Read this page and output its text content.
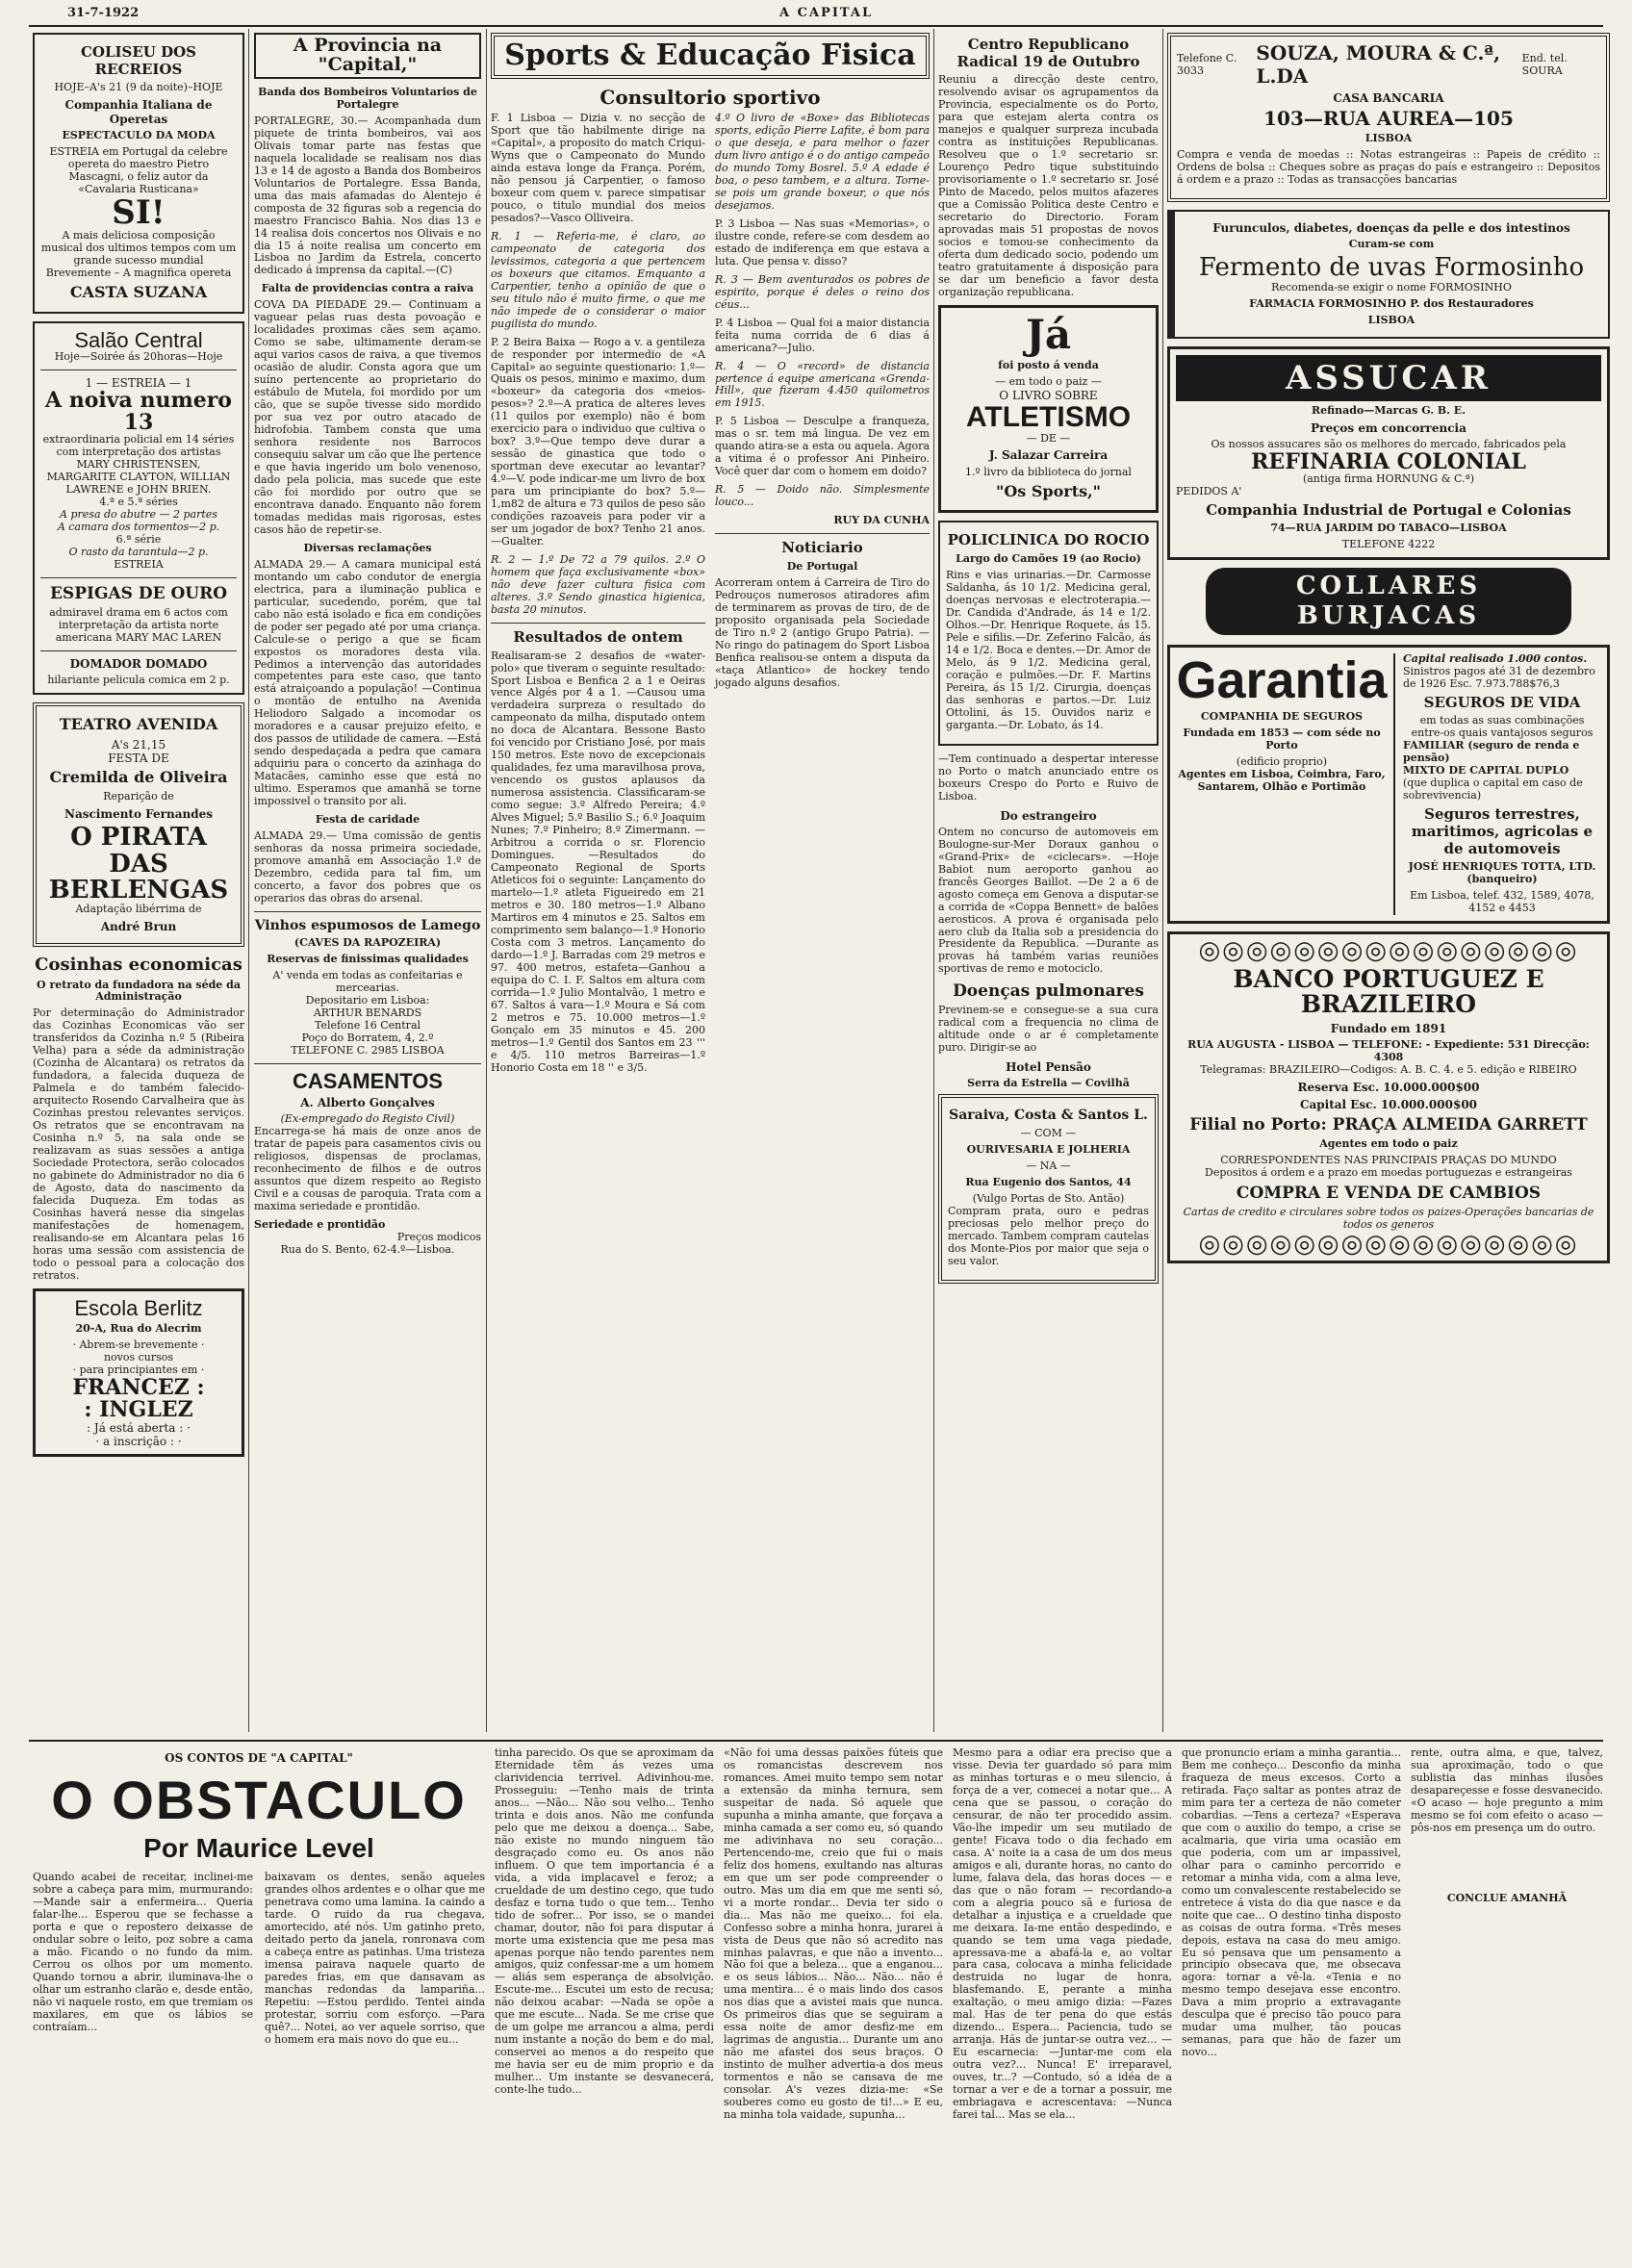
31-7-1922	A CAPITAL
COLISEU DOS RECREIOS
HOJE–A's 21 (9 da noite)–HOJE
Companhia Italiana de Operetas
ESPECTACULO DA MODA
ESTREIA em Portugal da celebre opereta do maestro Pietro Mascagni, o feliz autor da «Cavalaria Rusticana»
SI!
A mais deliciosa composição musical dos ultimos tempos com um grande sucesso mundial
Brevemente – A magnifica opereta
CASTA SUZANA
Salão Central
Hoje—Soirée ás 20horas—Hoje
1 — ESTREIA — 1
A noiva numero 13
extraordinaria policial em 14 séries com interpretação dos artistas
MARY CHRISTENSEN, MARGARITE CLAYTON, WILLIAN LAWRENE e JOHN BRIEN.
4.ª e 5.ª séries
A presa do abutre — 2 partes
A camara dos tormentos—2 p.
6.ª série
O rasto da tarantula—2 p.
ESTREIA
ESPIGAS DE OURO
admiravel drama em 6 actos com interpretação da artista norte americana MARY MAC LAREN
DOMADOR DOMADO
hilariante pelicula comica em 2 p.
TEATRO AVENIDA
A's 21,15
FESTA DE
Cremilda de Oliveira
Reparição de
Nascimento Fernandes
O PIRATA
DAS BERLENGAS
Adaptação libérrima de
André Brun
Cosinhas economicas
O retrato da fundadora na séde da Administração

Por determinação do Administrador das Cozinhas Economicas vão ser transferidos da Cozinha n.º 5 (Ribeira Velha) para a séde da administração (Cozinha de Alcantara) os retratos da fundadora, a falecida duqueza de Palmela e do também falecido-arquitecto Rosendo Carvalheira que às Cozinhas prestou relevantes serviços. Os retratos que se encontravam na Cosinha n.º 5, na sala onde se realizavam as suas sessões a antiga Sociedade Protectora, serão colocados no gabinete do Administrador no dia 6 de Agosto, data do nascimento da falecida Duqueza. Em todas as Cosinhas haverá nesse dia singelas manifestações de homenagem, realisando-se em Alcantara pelas 16 horas uma sessão com assistencia de todo o pessoal para a colocação dos retratos.

Escola Berlitz
20-A, Rua do Alecrim
· Abrem-se brevemente ·
novos cursos
· para principiantes em ·
FRANCEZ :
: INGLEZ
: Já está aberta : ·
· a inscrição : ·
A Provincia na "Capital,"
Banda dos Bombeiros Voluntarios de Portalegre

PORTALEGRE, 30.— Acompanhada dum piquete de trinta bombeiros, vai aos Olivais tomar parte nas festas que naquela localidade se realisam nos dias 13 e 14 de agosto a Banda dos Bombeiros Voluntarios de Portalegre. Essa Banda, uma das mais afamadas do Alentejo é composta de 32 figuras sob a regencia do maestro Francisco Bahia. Nos dias 13 e 14 realisa dois concertos nos Olivais e no dia 15 á noite realisa um concerto em Lisboa no Jardim da Estrela, concerto dedicado á imprensa da capital.—(C)

Falta de providencias contra a raiva

COVA DA PIEDADE 29.— Continuam a vaguear pelas ruas desta povoação e localidades proximas cães sem açamo. Como se sabe, ultimamente deram-se aqui varios casos de raiva, a que tivemos ocasião de aludir. Consta agora que um suíno pertencente ao proprietario do estábulo de Mutela, foi mordido por um cão, que se supõe tivesse sido mordido por sua vez por outro atacado de hidrofobia. Tambem consta que uma senhora residente nos Barrocos consequiu salvar um cão que lhe pertence e que havia ingerido um bolo venenoso, dado pela policia, mas sucede que este cão foi mordido por outro que se encontrava danado. Enquanto não forem tomadas medidas mais rigorosas, estes casos hão de repetir-se.

Diversas reclamações

ALMADA 29.— A camara municipal está montando um cabo condutor de energia electrica, para a iluminação publica e particular, sucedendo, porém, que tal cabo não está isolado e fica em condições de poder ser pegado até por uma criança. Calcule-se o perigo a que se ficam expostos os moradores desta vila. Pedimos a intervenção das autoridades competentes para este caso, que tanto está atraiçoando a população! —Continua o montão de entulho na Avenida Heliodoro Salgado a incomodar os moradores e a causar prejuizo efeito, e dos passos de utilidade de camera. —Está sendo despedaçada a pedra que camara adquiriu para o concerto da azinhaga do Matacães, caminho esse que está no ultimo. Esperamos que amanhã se torne impossivel o transito por ali.

Festa de caridade

ALMADA 29.— Uma comissão de gentis senhoras da nossa primeira sociedade, promove amanhã em Associação 1.º de Dezembro, cedida para tal fim, um concerto, a favor dos pobres que os operarios das obras do arsenal.

Vinhos espumosos de Lamego
(CAVES DA RAPOZEIRA)
Reservas de finissimas qualidades
A' venda em todas as confeitarias e mercearias.
Depositario em Lisboa:
ARTHUR BENARDS
Telefone 16 Central
Poço do Borratem, 4, 2.º
TELEFONE C. 2985 LISBOA
CASAMENTOS
A. Alberto Gonçalves
(Ex-empregado do Registo Civil)

Encarrega-se há mais de onze anos de tratar de papeis para casamentos civis ou religiosos, dispensas de proclamas, reconhecimento de filhos e de outros assuntos que dizem respeito ao Registo Civil e a cousas de paroquia. Trata com a maxima seriedade e prontidão.

Seriedade e prontidão
Preços modicos
Rua do S. Bento, 62-4.º—Lisboa.
Sports & Educação Fisica
Consultorio sportivo

F. 1 Lisboa — Dizia v. no secção de Sport que tão habilmente dirige na «Capital», a proposito do match Criqui-Wyns que o Campeonato do Mundo ainda estava longe da França. Porém, não pensou já Carpentier, o famoso boxeur com quem v. parece simpatisar pouco, o titulo mundial dos meios pesados?—Vasco Olliveira.

R. 1 — Referia-me, é claro, ao campeonato de categoria dos levissimos, categoria a que pertencem os boxeurs que citamos. Emquanto a Carpentier, tenho a opinião de que o seu titulo não é muito firme, o que me não impede de o considerar o maior pugilista do mundo.

P. 2 Beira Baixa — Rogo a v. a gentileza de responder por intermedio de «A Capital» ao seguinte questionario: 1.º—Quais os pesos, minimo e maximo, dum «boxeur» da categoria dos «meios-pesos»? 2.º—A pratica de alteres leves (11 quilos por exemplo) não é bom exercicio para o individuo que cultiva o box? 3.º—Que tempo deve durar a sessão de ginastica que todo o sportman deve executar ao levantar? 4.º—V. pode indicar-me um livro de box para um principiante do box? 5.º—1,m82 de altura e 73 quilos de peso são condições razoaveis para poder vir a ser um jogador de box? Tenho 21 anos.—Gualter.

R. 2 — 1.º De 72 a 79 quilos. 2.º O homem que faça exclusivamente «box» não deve fazer cultura fisica com alteres. 3.º Sendo ginastica higienica, basta 20 minutos.

Resultados de ontem

Realisaram-se 2 desafios de «water-polo» que tiveram o seguinte resultado: Sport Lisboa e Benfica 2 a 1 e Oeiras vence Algés por 4 a 1. —Causou uma verdadeira surpreza o resultado do campeonato da milha, disputado ontem no doca de Alcantara. Bessone Basto foi vencido por Cristiano José, por mais 150 metros. Este novo de excepcionais qualidades, fez uma maravilhosa prova, vencendo os gustos aplausos da numerosa assistencia. Classificaram-se como segue: 3.º Alfredo Pereira; 4.º Alves Miguel; 5.º Basilio S.; 6.º Joaquim Nunes; 7.º Pinheiro; 8.º Zimermann. —Arbitrou a corrida o sr. Florencio Domingues. —Resultados do Campeonato Regional de Sports Atleticos foi o seguinte: Lançamento do martelo—1.º atleta Figueiredo em 21 metros e 30. 180 metros—1.º Albano Martiros em 4 minutos e 25. Saltos em comprimento sem balanço—1.º Honorio Costa com 3 metros. Lançamento do dardo—1.º J. Barradas com 29 metros e 97. 400 metros, estafeta—Ganhou a equipa do C. I. F. Saltos em altura com corrida—1.º Julio Montalvão, 1 metro e 67. Saltos á vara—1.º Moura e Sá com 2 metros e 75. 10.000 metros—1.º Gonçalo em 35 minutos e 45. 200 metros—1.º Gentil dos Santos em 23 ''' e 4/5. 110 metros Barreiras—1.º Honorio Costa em 18 '' e 3/5.

4.º O livro de «Boxe» das Bibliotecas sports, edição Pierre Lafite, é bom para o que deseja, e para melhor o fazer dum livro antigo é o do antigo campeão do mundo Tomy Bosrel. 5.º A edade é boa, o peso tambem, e a altura. Torne-se pois um grande boxeur, o que nós desejamos.

P. 3 Lisboa — Nas suas «Memorias», o ilustre conde, refere-se com desdem ao estado de indiferença em que estava a luta. Que pensa v. disso?

R. 3 — Bem aventurados os pobres de espirito, porque é deles o reino dos céus...

P. 4 Lisboa — Qual foi a maior distancia feita numa corrida de 6 dias á americana?—Julio.

R. 4 — O «record» de distancia pertence á equipe americana «Grenda-Hill», que fizeram 4.450 quilometros em 1915.

P. 5 Lisboa — Desculpe a franqueza, mas o sr. tem má lingua. De vez em quando atira-se a esta ou aquela. Agora a vitima é o professor Ani Pinheiro. Você quer dar com o homem em doido?

R. 5 — Doido não. Simplesmente louco...

RUY DA CUNHA
Noticiario
De Portugal

Acorreram ontem á Carreira de Tiro do Pedrouços numerosos atiradores afim de terminarem as provas de tiro, de de proposito organisada pela Sociedade de Tiro n.º 2 (antigo Grupo Patria). —No ringo do patinagem do Sport Lisboa Benfica realisou-se ontem a disputa da «taça Atlantico» de hockey tendo jogado alguns desafios.

Centro Republicano Radical 19 de Outubro

Reuniu a direcção deste centro, resolvendo avisar os agrupamentos da Provincia, especialmente os do Porto, para que estejam alerta contra os manejos e qualquer surpreza incubada contra as instituições Republicanas. Resolveu que o 1.º secretario sr. Lourenço Pedro tique substituindo provisoriamente o 1.º secretario sr. José Pinto de Macedo, pelos muitos afazeres que a Comissão Politica deste Centro e secretario do Directorio. Foram aprovadas mais 51 propostas de novos socios e tomou-se conhecimento da oferta dum dedicado socio, podendo um teatro gratuitamente á disposição para se dar um beneficio a favor desta organização republicana.

Já
foi posto á venda
— em todo o paiz —
O LIVRO SOBRE
ATLETISMO
— DE —
J. Salazar Carreira
1.º livro da biblioteca do jornal
"Os Sports,"
POLICLINICA DO ROCIO
Largo do Camões 19 (ao Rocio)

Rins e vias urinarias.—Dr. Carmosse Saldanha, ás 10 1/2. Medicina geral, doenças nervosas e electroterapia.—Dr. Candida d'Andrade, ás 14 e 1/2. Olhos.—Dr. Henrique Roquete, ás 15. Pele e sifilis.—Dr. Zeferino Falcão, ás 14 e 1/2. Boca e dentes.—Dr. Amor de Melo, ás 9 1/2. Medicina geral, coração e pulmões.—Dr. F. Martins Pereira, ás 15 1/2. Cirurgia, doenças das senhoras e partos.—Dr. Luiz Ottolini, ás 15. Ouvidos nariz e garganta.—Dr. Lobato, ás 14.

—Tem continuado a despertar interesse no Porto o match anunciado entre os boxeurs Crespo do Porto e Ruivo de Lisboa.

Do estrangeiro

Ontem no concurso de automoveis em Boulogne-sur-Mer Doraux ganhou o «Grand-Prix» de «ciclecars». —Hoje Babiot num aeroporto ganhou ao francês Georges Baillot. —De 2 a 6 de agosto começa em Genova a disputar-se a corrida de «Coppa Bennett» de balões aerosticos. A prova é organisada pelo aero club da Italia sob a presidencia do Presidente da Republica. —Durante as provas há também varias reuniões sportivas de remo e motociclo.

Doenças pulmonares

Previnem-se e consegue-se a sua cura radical com a frequencia no clima de altitude onde o ar é completamente puro. Dirigir-se ao

Hotel Pensão
Serra da Estrella — Covilhã
Saraiva, Costa & Santos L.
— COM —
OURIVESARIA E JOLHERIA
— NA —
Rua Eugenio dos Santos, 44
(Vulgo Portas de Sto. Antão)

Compram prata, ouro e pedras preciosas pelo melhor preço do mercado. Tambem compram cautelas dos Monte-Pios por maior que seja o seu valor.

Telefone C. 3033
SOUZA, MOURA & C.ª, L.DA
End. tel. SOURA
CASA BANCARIA
103—RUA AUREA—105
LISBOA

Compra e venda de moedas :: Notas estrangeiras :: Papeis de crédito :: Ordens de bolsa :: Cheques sobre as praças do país e estrangeiro :: Depositos á ordem e a prazo :: Todas as transacções bancarias

Furunculos, diabetes, doenças da pelle e dos intestinos
Curam-se com
Fermento de uvas Formosinho
Recomenda-se exigir o nome FORMOSINHO
FARMACIA FORMOSINHO P. dos Restauradores
LISBOA
ASSUCAR
Refinado—Marcas G. B. E.
Preços em concorrencia
Os nossos assucares são os melhores do mercado, fabricados pela
REFINARIA COLONIAL
(antiga firma HORNUNG & C.ª)
PEDIDOS A'
Companhia Industrial de Portugal e Colonias
74—RUA JARDIM DO TABACO—LISBOA
TELEFONE 4222
COLLARES BURJACAS
Garantia
COMPANHIA DE SEGUROS
Fundada em 1853 — com séde no Porto
(edificio proprio)
Agentes em Lisboa, Coimbra, Faro, Santarem, Olhão e Portimão
Capital realisado 1.000 contos.
Sinistros pagos até 31 de dezembro de 1926 Esc. 7.973.788$76,3
SEGUROS DE VIDA
em todas as suas combinações entre-os quais vantajosos seguros
FAMILIAR (seguro de renda e pensão)
MIXTO DE CAPITAL DUPLO
(que duplica o capital em caso de sobrevivencia)
Seguros terrestres, maritimos, agricolas e de automoveis
JOSÉ HENRIQUES TOTTA, LTD. (banqueiro)
Em Lisboa, telef. 432, 1589, 4078, 4152 e 4453
◎◎◎◎◎◎◎◎◎◎◎◎◎◎◎◎
BANCO PORTUGUEZ E BRAZILEIRO
Fundado em 1891
RUA AUGUSTA - LISBOA — TELEFONE: - Expediente: 531 Direcção: 4308
Telegramas: BRAZILEIRO—Codigos: A. B. C. 4. e 5. edição e RIBEIRO
Reserva Esc. 10.000.000$00
Capital Esc. 10.000.000$00
Filial no Porto: PRAÇA ALMEIDA GARRETT
Agentes em todo o paiz
CORRESPONDENTES NAS PRINCIPAIS PRAÇAS DO MUNDO
Depositos á ordem e a prazo em moedas portuguezas e estrangeiras
COMPRA E VENDA DE CAMBIOS
Cartas de credito e circulares sobre todos os paizes-Operações bancarias de todos os generos
◎◎◎◎◎◎◎◎◎◎◎◎◎◎◎◎
OS CONTOS DE "A CAPITAL"
O OBSTACULO
Por Maurice Level

Quando acabei de receitar, inclinei-me sobre a cabeça para mim, murmurando: —Mande sair a enfermeira... Queria falar-lhe... Esperou que se fechasse a porta e que o repostero deixasse de ondular sobre o leito, poz sobre a cama a mão. Ficando o no fundo da mim. Cerrou os olhos por um momento. Quando tornou a abrir, iluminava-lhe o olhar um estranho clarão e, desde então, não vi naquele rosto, em que tremiam os maxilares, em que os lábios se contraíam...

baixavam os dentes, senão aqueles grandes olhos ardentes e o olhar que me penetrava como uma lamina. Ia caindo a tarde. O ruido da rua chegava, amortecido, até nós. Um gatinho preto, deitado perto da janela, ronronava com a cabeça entre as patinhas. Uma tristeza imensa pairava naquele quarto de paredes frias, em que dansavam as manchas redondas da lampariña... Repetiu: —Estou perdido. Tentei ainda protestar, sorriu com esforço. —Para quê?... Notei, ao ver aquele sorriso, que o homem era mais novo do que eu...

tinha parecido. Os que se aproximam da Eternidade têm ás vezes uma clarividencia terrivel. Adivinhou-me. Prosseguiu: —Tenho mais de trinta anos... —Não... Não sou velho... Tenho trinta e dois anos. Não me confunda pelo que me deixou a doença... Sabe, não existe no mundo ninguem tão desgraçado como eu. Os anos não influem. O que tem importancia é a vida, a vida implacavel e feroz; a crueldade de um destino cego, que tudo desfaz e torna tudo o que tem... Tenho tido de sofrer... Por isso, se o mandei chamar, doutor, não foi para disputar á morte uma existencia que me pesa mas apenas porque não tendo parentes nem amigos, quiz confessar-me a um homem — aliás sem esperança de absolvição. Escute-me... Escutei um esto de recusa; não deixou acabar: —Nada se opõe a que me escute... Nada. Se me crise que de um golpe me arrancou a alma, perdi num instante a noção do bem e do mal, conservei ao menos a do respeito que me havia ser eu de mim proprio e da mulher... Um instante se desvanecerá, conte-lhe tudo...

«Não foi uma dessas paixões fúteis que os romancistas descrevem nos romances. Amei muito tempo sem notar a extensão da minha ternura, sem suspeitar de nada. Só aquele que supunha a minha amante, que forçava a minha camada a ser como eu, só quando me adivinhava no seu coração... Pertencendo-me, creio que fui o mais feliz dos homens, exultando nas alturas em que um ser pode compreender o outro. Mas um dia em que me senti só, vi a morte rondar... Devia ter sido o dia... Mas não me queixo... foi ela. Confesso sobre a minha honra, jurarei à vista de Deus que não só acredito nas minhas palavras, e que não a invento... Não foi que a beleza... que a enganou... e os seus lábios... Não... Não... não é uma mentira... é o mais lindo dos casos nos dias que a avistei mais que nunca. Os primeiros dias que se seguiram a essa noite de amor desfiz-me em lagrimas de angustia... Durante um ano não me afastei dos seus braços. O instinto de mulher advertia-a dos meus tormentos e não se cansava de me consolar. A's vezes dizia-me: «Se souberes como eu gosto de ti!...» E eu, na minha tola vaidade, supunha...

Mesmo para a odiar era preciso que a visse. Devia ter guardado só para mim as minhas torturas e o meu silencio, á força de a ver, comecei a notar que... A cena que se passou, o coração do censurar, de não ter procedido assim. Vão-lhe impedir um seu mutilado de gente! Ficava todo o dia fechado em casa. A' noite ia a casa de um dos meus amigos e ali, durante horas, no canto do lume, falava dela, das horas doces — e das que o não foram — recordando-a com a alegria pouco sã e furiosa de detalhar a injustiça e a crueldade que me deixara. Ia-me então despedindo, e quando se tem uma vaga piedade, apressava-me a abafá-la e, ao voltar para casa, colocava a minha felicidade destruida no lugar de honra, blasfemando. E, perante a minha exaltação, o meu amigo dizia: —Fazes mal. Has de ter pena do que estás dizendo... Espera... Paciencia, tudo se arranja. Hás de juntar-se outra vez... —Eu escarnecia: —Juntar-me com ela outra vez?... Nunca! E' irreparavel, ouves, tr...? —Contudo, só a idéa de a tornar a ver e de a tornar a possuir, me embriagava e acrescentava: —Nunca farei tal... Mas se ela...

que pronuncio eriam a minha garantia... Bem me conheço... Desconfio da minha fraqueza de meus excesos. Corto a retirada. Faço saltar as pontes atraz de mim para ter a certeza de não cometer cobardias. —Tens a certeza? «Esperava que com o auxilio do tempo, a crise se acalmaria, que viria uma ocasião em que poderia, com um ar impassivel, olhar para o caminho percorrido e retomar a minha vida, com a alma leve, como um convalescente restabelecido se entretece á vista do dia que nasce e da noite que cae... O destino tinha disposto as coisas de outra forma. «Três meses depois, estava na casa do meu amigo. Eu só pensava que um pensamento a principio obsecava que, me obsecava agora: tornar a vê-la. «Tenia e no mesmo tempo desejava esse encontro. Dava a mim proprio a extravagante desculpa que é preciso tão pouco para mudar uma mulher, tão poucas semanas, para que hão de fazer um novo...

rente, outra alma, e que, talvez, sua aproximação, todo o que sublistia das minhas ilusões desapareçesse e fosse desvanecido. «O acaso — hoje pregunto a mim mesmo se foi com efeito o acaso — pôs-nos em presença um do outro.

CONCLUE AMANHÃ
